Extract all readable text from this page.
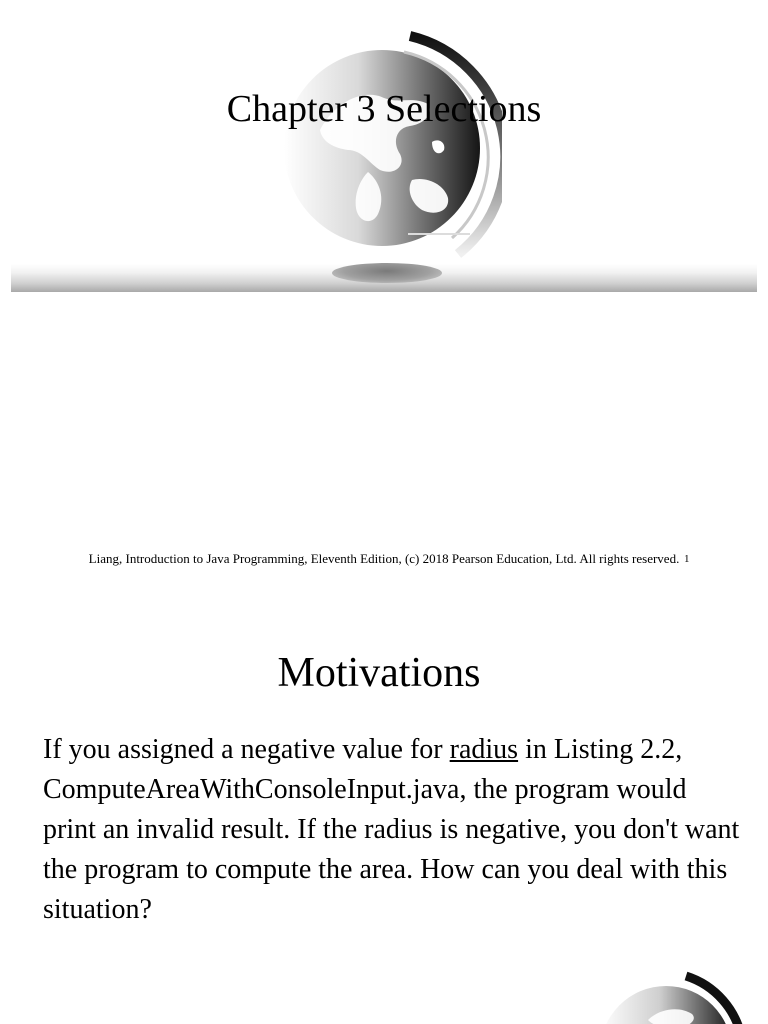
Chapter 3 Selections

Liang, Introduction to Java Programming, Eleventh Edition, (c) 2018 Pearson Education, Ltd. All rights reserved. 1
Motivations

If you assigned a negative value for radius in Listing 2.2, ComputeAreaWithConsoleInput.java, the program would print an invalid result. If the radius is negative, you don't want the program to compute the area. How can you deal with this situation?
